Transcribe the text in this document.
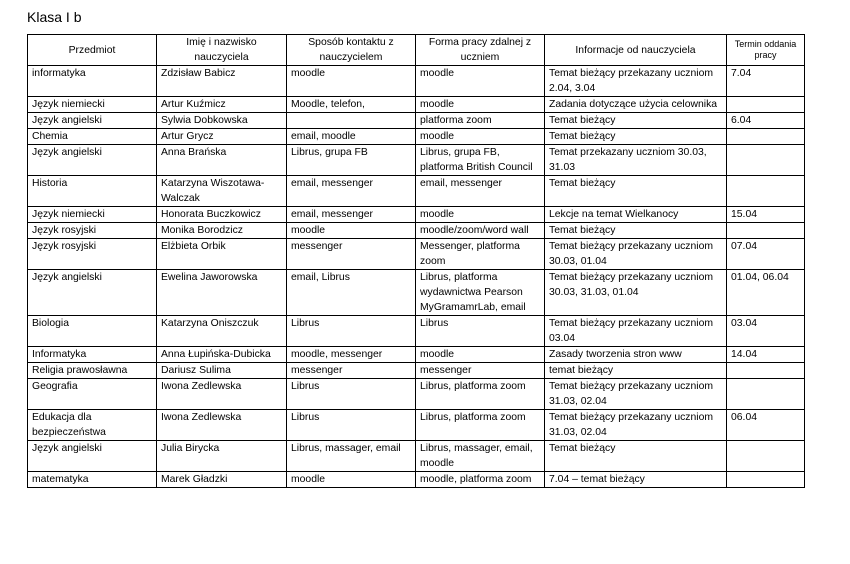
Klasa I b
Przedmiot	Imię i nazwisko nauczyciela	Sposób kontaktu z nauczycielem	Forma pracy zdalnej z uczniem	Informacje od nauczyciela	Termin oddania pracy
informatyka	Zdzisław Babicz	moodle	moodle	Temat bieżący przekazany uczniom 2.04, 3.04	7.04
Język niemiecki	Artur Kuźmicz	Moodle, telefon,	moodle	Zadania dotyczące użycia celownika	
Język angielski	Sylwia Dobkowska		platforma zoom	Temat bieżący	6.04
Chemia	Artur Grycz	email, moodle	moodle	Temat bieżący	
Język angielski	Anna Brańska	Librus, grupa FB	Librus, grupa FB, platforma British Council	Temat przekazany uczniom 30.03, 31.03	
Historia	Katarzyna Wiszotawa-Walczak	email, messenger	email, messenger	Temat bieżący	
Język niemiecki	Honorata Buczkowicz	email, messenger	moodle	Lekcje na temat Wielkanocy	15.04
Język rosyjski	Monika Borodzicz	moodle	moodle/zoom/word wall	Temat bieżący	
Język rosyjski	Elżbieta Orbik	messenger	Messenger, platforma zoom	Temat bieżący przekazany uczniom 30.03, 01.04	07.04
Język angielski	Ewelina Jaworowska	email, Librus	Librus, platforma wydawnictwa Pearson MyGramamrLab, email	Temat bieżący przekazany uczniom 30.03, 31.03, 01.04	01.04, 06.04
Biologia	Katarzyna Oniszczuk	Librus	Librus	Temat bieżący przekazany uczniom 03.04	03.04
Informatyka	Anna Łupińska-Dubicka	moodle, messenger	moodle	Zasady tworzenia stron www	14.04
Religia prawosławna	Dariusz Sulima	messenger	messenger	temat bieżący	
Geografia	Iwona Zedlewska	Librus	Librus, platforma zoom	Temat bieżący przekazany uczniom 31.03, 02.04	
Edukacja dla bezpieczeństwa	Iwona Zedlewska	Librus	Librus, platforma zoom	Temat bieżący przekazany uczniom 31.03, 02.04	06.04
Język angielski	Julia Birycka	Librus, massager, email	Librus, massager, email, moodle	Temat bieżący	
matematyka	Marek Gładzki	moodle	moodle, platforma zoom	7.04 – temat bieżący	
